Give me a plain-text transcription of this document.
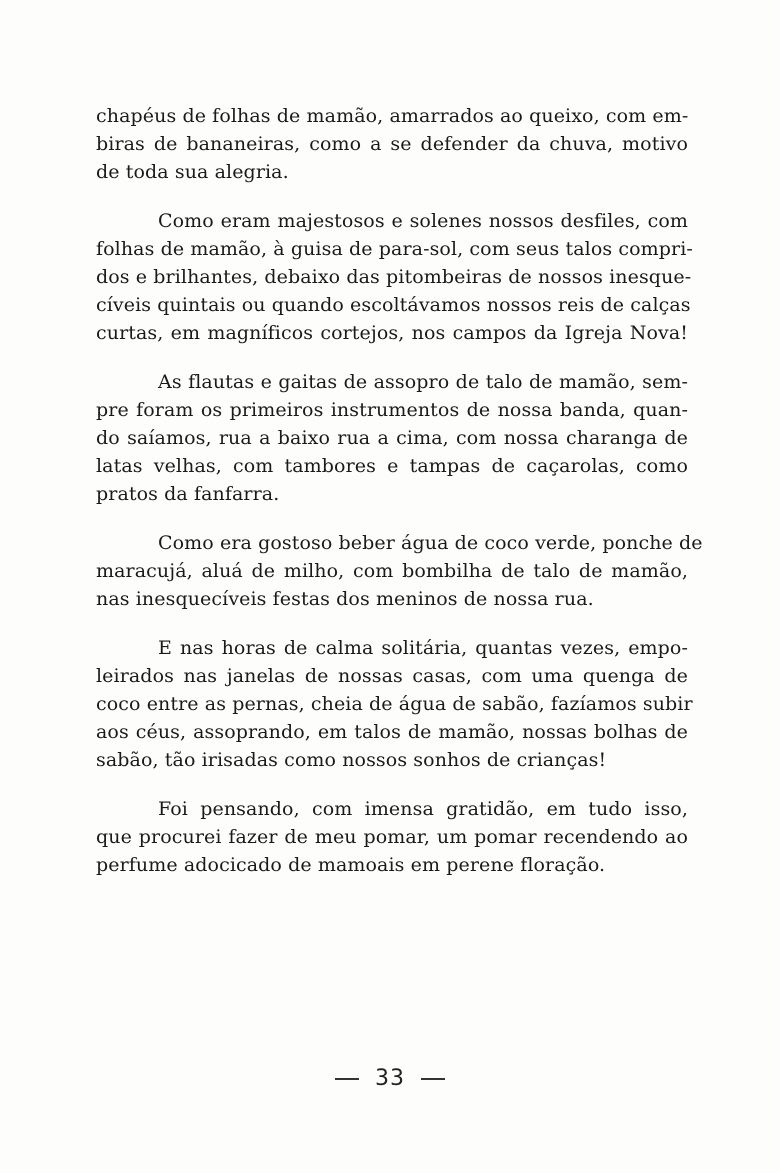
chapéus de folhas de mamão, amarrados ao queixo, com em-
biras de bananeiras, como a se defender da chuva, motivo
de toda sua alegria.
Como eram majestosos e solenes nossos desfiles, com
folhas de mamão, à guisa de para-sol, com seus talos compri-
dos e brilhantes, debaixo das pitombeiras de nossos inesque-
cíveis quintais ou quando escoltávamos nossos reis de calças
curtas, em magníficos cortejos, nos campos da Igreja Nova!
As flautas e gaitas de assopro de talo de mamão, sem-
pre foram os primeiros instrumentos de nossa banda, quan-
do saíamos, rua a baixo rua a cima, com nossa charanga de
latas velhas, com tambores e tampas de caçarolas, como
pratos da fanfarra.
Como era gostoso beber água de coco verde, ponche de
maracujá, aluá de milho, com bombilha de talo de mamão,
nas inesquecíveis festas dos meninos de nossa rua.
E nas horas de calma solitária, quantas vezes, empo-
leirados nas janelas de nossas casas, com uma quenga de
coco entre as pernas, cheia de água de sabão, fazíamos subir
aos céus, assoprando, em talos de mamão, nossas bolhas de
sabão, tão irisadas como nossos sonhos de crianças!
Foi pensando, com imensa gratidão, em tudo isso,
que procurei fazer de meu pomar, um pomar recendendo ao
perfume adocicado de mamoais em perene floração.
33
